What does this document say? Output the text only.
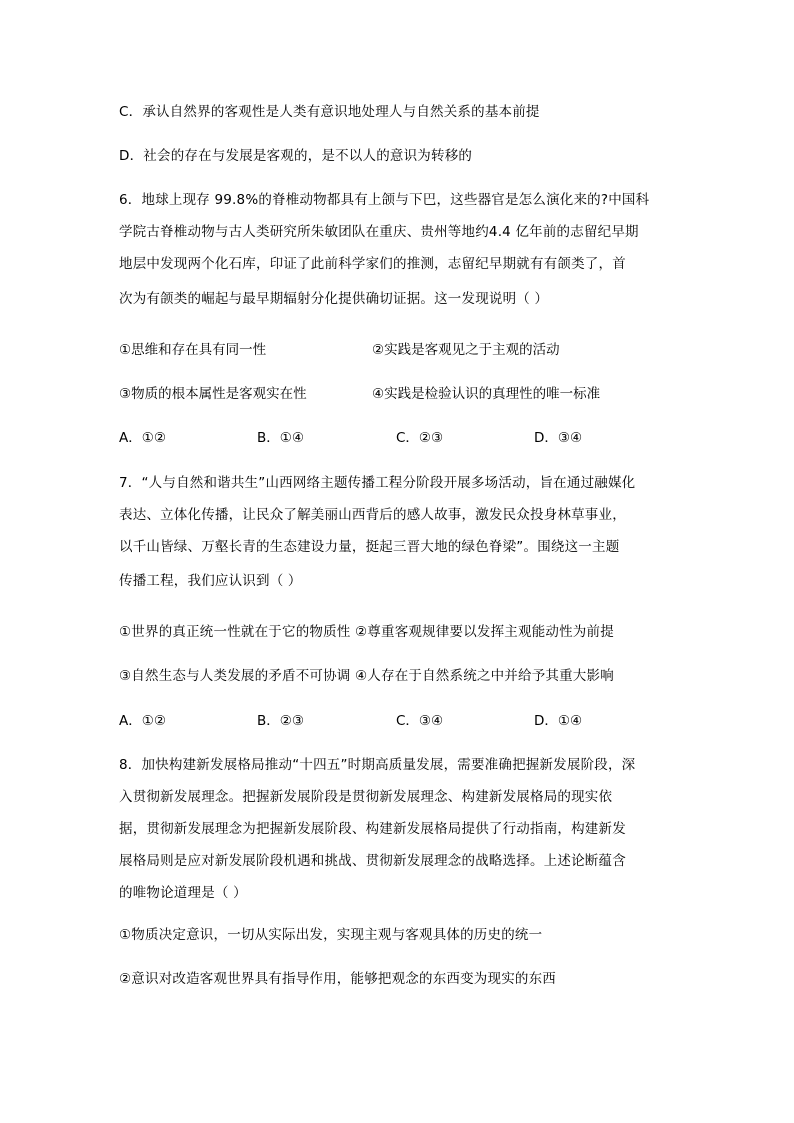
C．承认自然界的客观性是人类有意识地处理人与自然关系的基本前提
D．社会的存在与发展是客观的，是不以人的意识为转移的
6．地球上现存 99.8%的脊椎动物都具有上颌与下巴，这些器官是怎么演化来的?中国科
学院古脊椎动物与古人类研究所朱敏团队在重庆、贵州等地约4.4 亿年前的志留纪早期
地层中发现两个化石库，印证了此前科学家们的推测，志留纪早期就有有颌类了，首
次为有颌类的崛起与最早期辐射分化提供确切证据。这一发现说明（ ）
①思维和存在具有同一性	②实践是客观见之于主观的活动
③物质的根本属性是客观实在性	④实践是检验认识的真理性的唯一标准
A．①②	B．①④	C．②③	D．③④
7．“人与自然和谐共生”山西网络主题传播工程分阶段开展多场活动，旨在通过融媒化
表达、立体化传播，让民众了解美丽山西背后的感人故事，激发民众投身林草事业，
以千山皆绿、万壑长青的生态建设力量，挺起三晋大地的绿色脊梁”。围绕这一主题
传播工程，我们应认识到（ ）
①世界的真正统一性就在于它的物质性 ②尊重客观规律要以发挥主观能动性为前提
③自然生态与人类发展的矛盾不可协调 ④人存在于自然系统之中并给予其重大影响
A．①②	B．②③	C．③④	D．①④
8．加快构建新发展格局推动“十四五”时期高质量发展，需要准确把握新发展阶段，深
入贯彻新发展理念。把握新发展阶段是贯彻新发展理念、构建新发展格局的现实依
据，贯彻新发展理念为把握新发展阶段、构建新发展格局提供了行动指南，构建新发
展格局则是应对新发展阶段机遇和挑战、贯彻新发展理念的战略选择。上述论断蕴含
的唯物论道理是（ ）
①物质决定意识，一切从实际出发，实现主观与客观具体的历史的统一
②意识对改造客观世界具有指导作用，能够把观念的东西变为现实的东西
